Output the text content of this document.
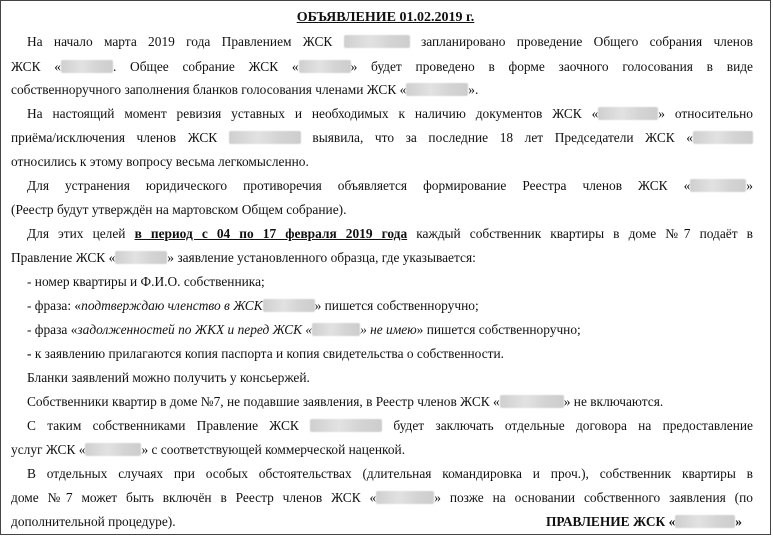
ОБЪЯВЛЕНИЕ 01.02.2019 г.
На начало марта 2019 года Правлением ЖСК	запланировано проведение Общего собрания членов
ЖСК «	. Общее собрание ЖСК «	» будет проведено в форме заочного голосования в виде
собственноручного заполнения бланков голосования членами ЖСК «	».
На настоящий момент ревизия уставных и необходимых к наличию документов ЖСК «	» относительно
приёма/исключения членов ЖСК	выявила, что за последние 18 лет Председатели ЖСК «
относились к этому вопросу весьма легкомысленно.
Для устранения юридического противоречия объявляется формирование Реестра членов ЖСК «	»
(Реестр будут утверждён на мартовском Общем собрание).
Для этих целей в период с 04 по 17 февраля 2019 года каждый собственник квартиры в доме №7 подаёт в
Правление ЖСК «	» заявление установленного образца, где указывается:
- номер квартиры и Ф.И.О. собственника;
- фраза: «подтверждаю членство в ЖСК	» пишется собственноручно;
- фраза «задолженностей по ЖКХ и перед ЖСК «	» не имею» пишется собственноручно;
- к заявлению прилагаются копия паспорта и копия свидетельства о собственности.
Бланки заявлений можно получить у консьержей.
Собственники квартир в доме №7, не подавшие заявления, в Реестр членов ЖСК «	» не включаются.
С таким собственниками Правление ЖСК	будет заключать отдельные договора на предоставление
услуг ЖСК «	» с соответствующей коммерческой наценкой.
В отдельных случаях при особых обстоятельствах (длительная командировка и проч.), собственник квартиры в
доме №7 может быть включён в Реестр членов ЖСК «	» позже на основании собственного заявления (по
дополнительной процедуре).	ПРАВЛЕНИЕ ЖСК «	»
